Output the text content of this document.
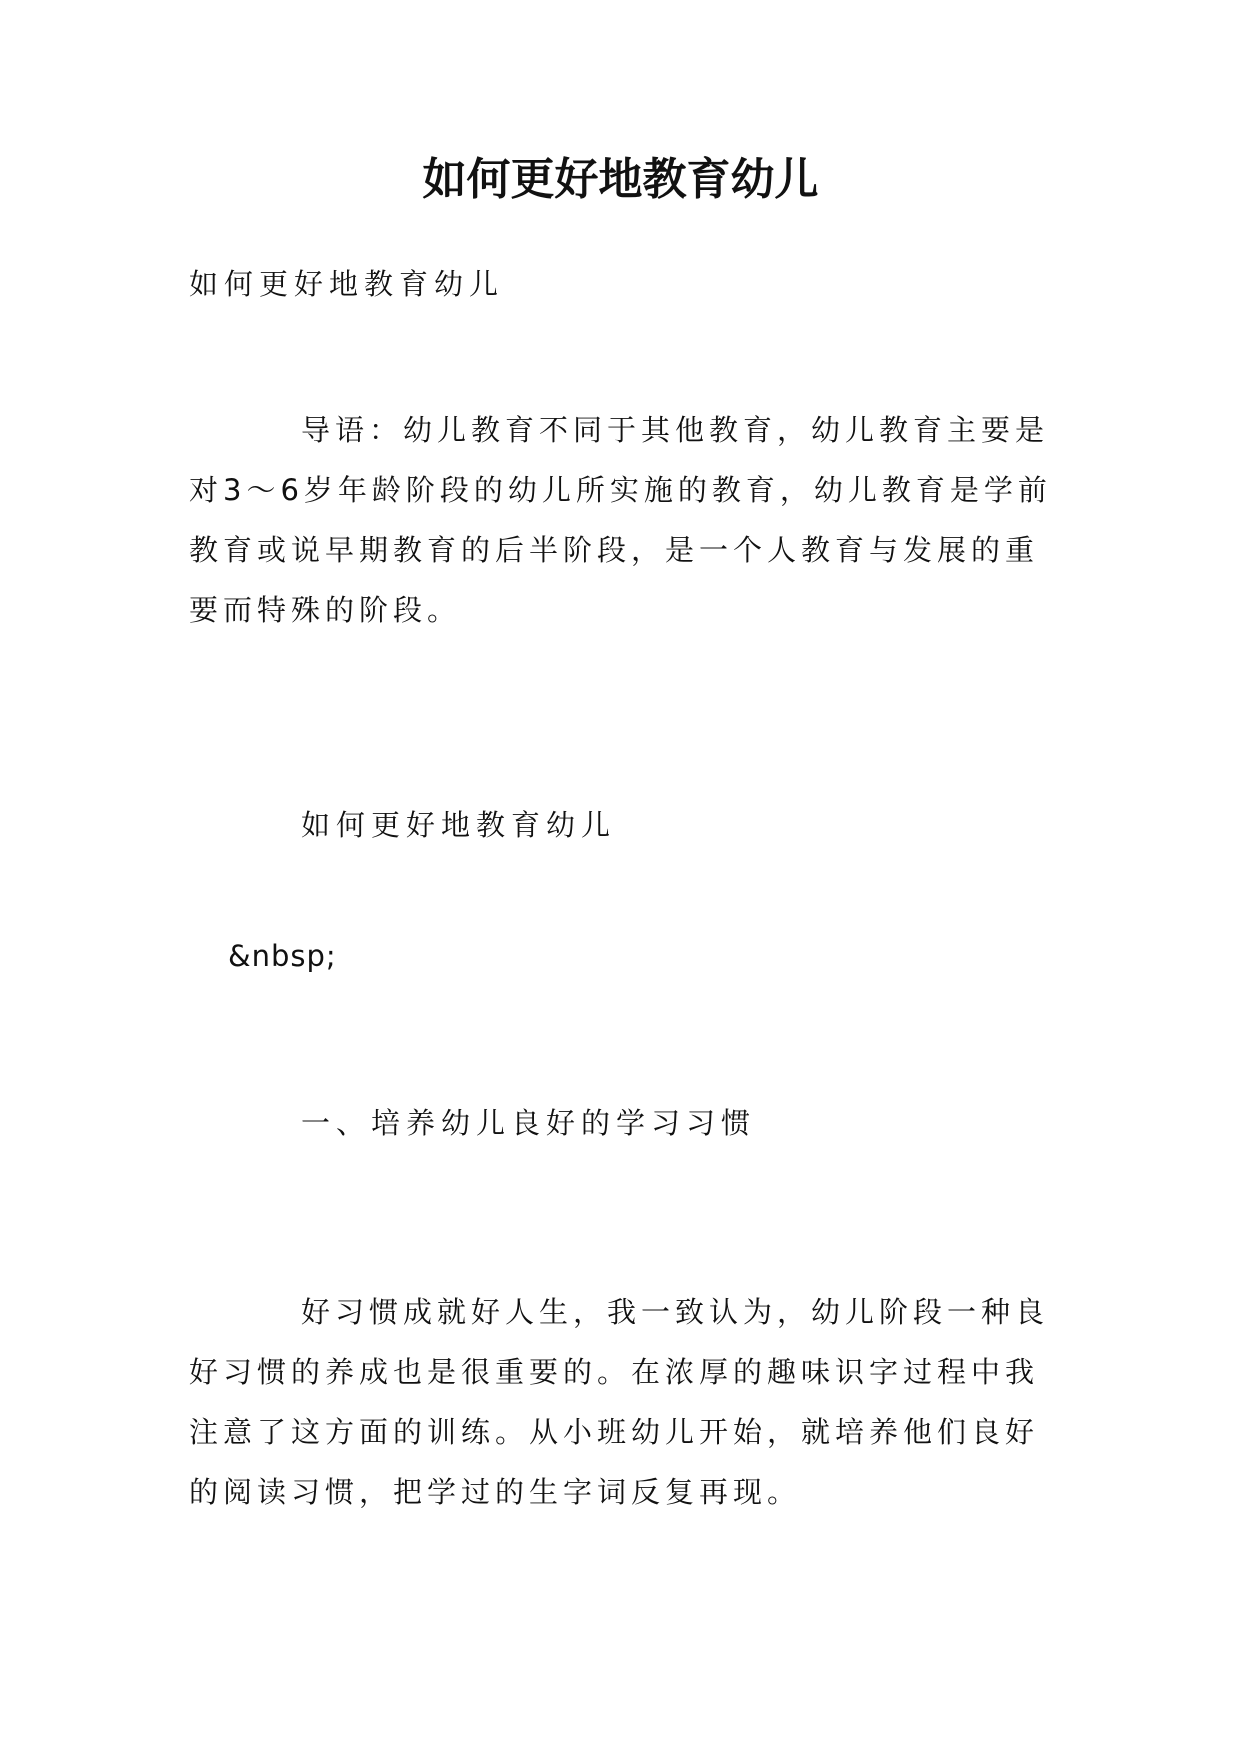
如何更好地教育幼儿
如何更好地教育幼儿
导语：幼儿教育不同于其他教育，幼儿教育主要是对3～6岁年龄阶段的幼儿所实施的教育，幼儿教育是学前教育或说早期教育的后半阶段，是一个人教育与发展的重要而特殊的阶段。
如何更好地教育幼儿
&nbsp;
一、培养幼儿良好的学习习惯
好习惯成就好人生，我一致认为，幼儿阶段一种良好习惯的养成也是很重要的。在浓厚的趣味识字过程中我注意了这方面的训练。从小班幼儿开始，就培养他们良好的阅读习惯，把学过的生字词反复再现。
